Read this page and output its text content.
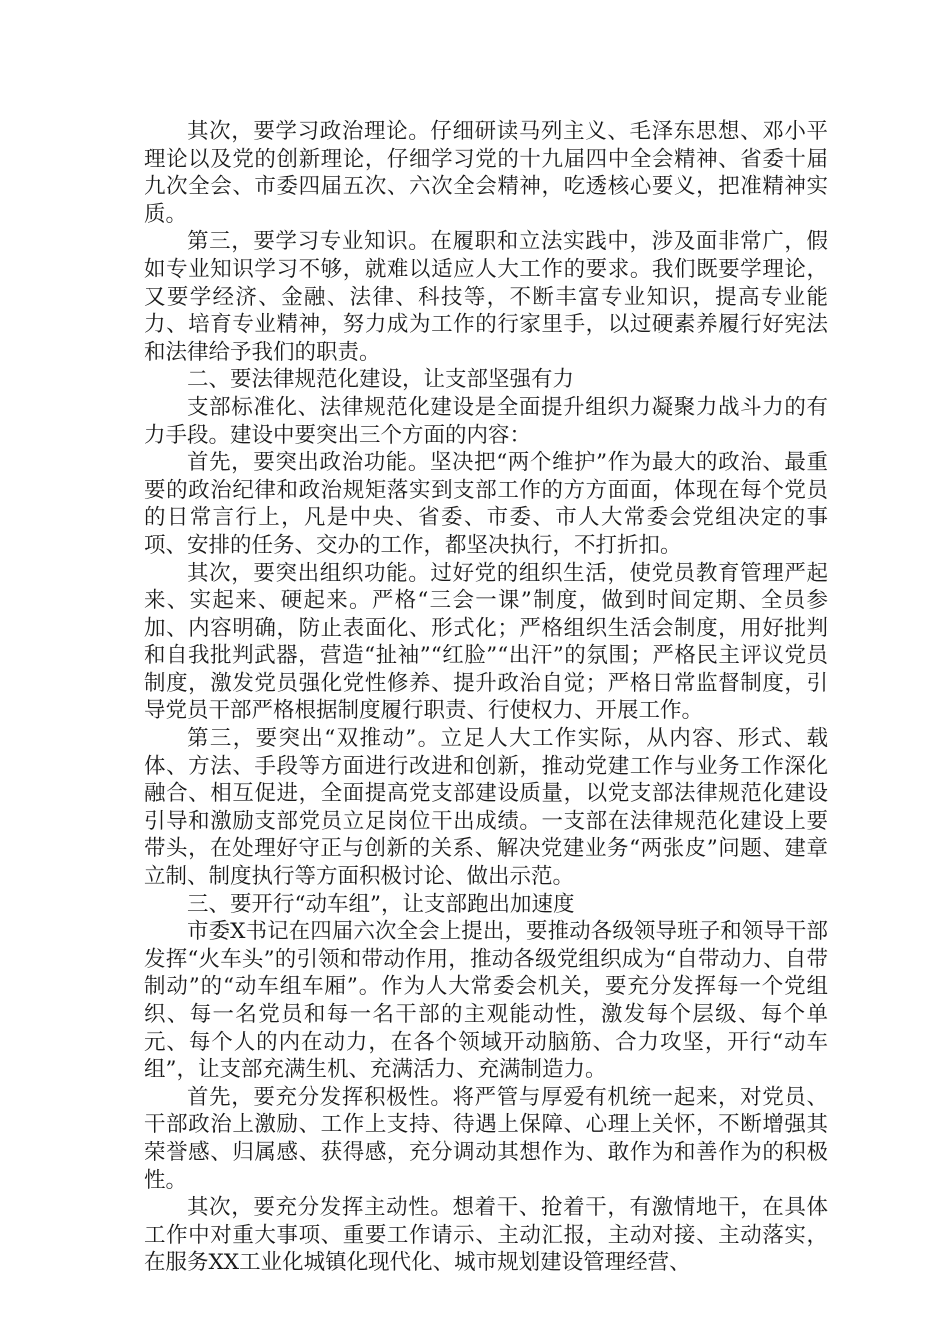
其次，要学习政治理论。仔细研读马列主义、毛泽东思想、邓小平理论以及党的创新理论，仔细学习党的十九届四中全会精神、省委十届九次全会、市委四届五次、六次全会精神，吃透核心要义，把准精神实质。

第三，要学习专业知识。在履职和立法实践中，涉及面非常广，假如专业知识学习不够，就难以适应人大工作的要求。我们既要学理论，又要学经济、金融、法律、科技等，不断丰富专业知识，提高专业能力、培育专业精神，努力成为工作的行家里手，以过硬素养履行好宪法和法律给予我们的职责。

二、要法律规范化建设，让支部坚强有力

支部标准化、法律规范化建设是全面提升组织力凝聚力战斗力的有力手段。建设中要突出三个方面的内容：

首先，要突出政治功能。坚决把“两个维护”作为最大的政治、最重要的政治纪律和政治规矩落实到支部工作的方方面面，体现在每个党员的日常言行上，凡是中央、省委、市委、市人大常委会党组决定的事项、安排的任务、交办的工作，都坚决执行，不打折扣。

其次，要突出组织功能。过好党的组织生活，使党员教育管理严起来、实起来、硬起来。严格“三会一课”制度，做到时间定期、全员参加、内容明确，防止表面化、形式化；严格组织生活会制度，用好批判和自我批判武器，营造“扯袖”“红脸”“出汗”的氛围；严格民主评议党员制度，激发党员强化党性修养、提升政治自觉；严格日常监督制度，引导党员干部严格根据制度履行职责、行使权力、开展工作。

第三，要突出“双推动”。立足人大工作实际，从内容、形式、载体、方法、手段等方面进行改进和创新，推动党建工作与业务工作深化融合、相互促进，全面提高党支部建设质量，以党支部法律规范化建设引导和激励支部党员立足岗位干出成绩。一支部在法律规范化建设上要带头，在处理好守正与创新的关系、解决党建业务“两张皮”问题、建章立制、制度执行等方面积极讨论、做出示范。

三、要开行“动车组”，让支部跑出加速度

市委X书记在四届六次全会上提出，要推动各级领导班子和领导干部发挥“火车头”的引领和带动作用，推动各级党组织成为“自带动力、自带制动”的“动车组车厢”。作为人大常委会机关，要充分发挥每一个党组织、每一名党员和每一名干部的主观能动性，激发每个层级、每个单元、每个人的内在动力，在各个领域开动脑筋、合力攻坚，开行“动车组”，让支部充满生机、充满活力、充满制造力。

首先，要充分发挥积极性。将严管与厚爱有机统一起来，对党员、干部政治上激励、工作上支持、待遇上保障、心理上关怀，不断增强其荣誉感、归属感、获得感，充分调动其想作为、敢作为和善作为的积极性。

其次，要充分发挥主动性。想着干、抢着干，有激情地干，在具体工作中对重大事项、重要工作请示、主动汇报，主动对接、主动落实，在服务XX工业化城镇化现代化、城市规划建设管理经营、
